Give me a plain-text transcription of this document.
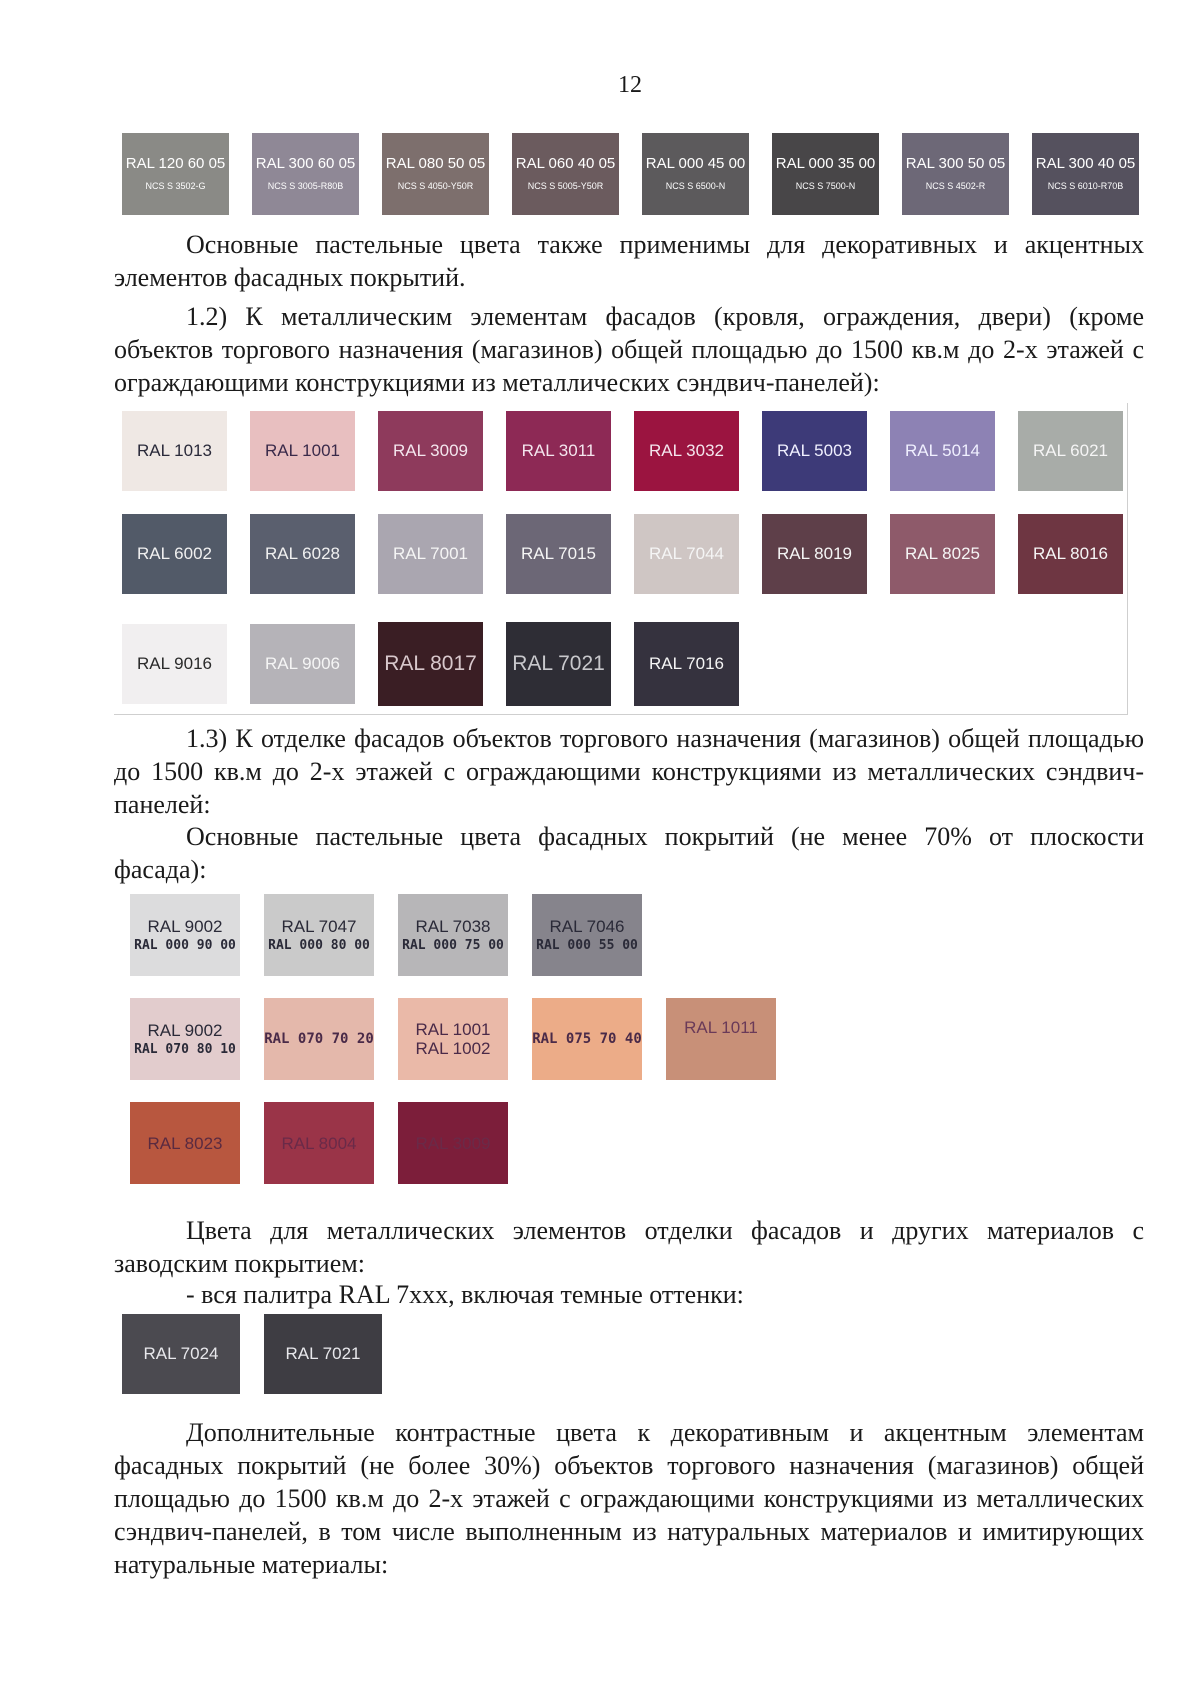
12
RAL 120 60 05
NCS S 3502-G
RAL 300 60 05
NCS S 3005-R80B
RAL 080 50 05
NCS S 4050-Y50R
RAL 060 40 05
NCS S 5005-Y50R
RAL 000 45 00
NCS S 6500-N
RAL 000 35 00
NCS S 7500-N
RAL 300 50 05
NCS S 4502-R
RAL 300 40 05
NCS S 6010-R70B
Основные пастельные цвета также применимы для декоративных и акцентных элементов фасадных покрытий.
1.2) К металлическим элементам фасадов (кровля, ограждения, двери) (кроме объектов торгового назначения (магазинов) общей площадью до 1500 кв.м до 2-х этажей с ограждающими конструкциями из металлических сэндвич-панелей):
RAL 1013	RAL 1001	RAL 3009	RAL 3011	RAL 3032	RAL 5003	RAL 5014	RAL 6021
RAL 6002	RAL 6028	RAL 7001	RAL 7015	RAL 7044	RAL 8019	RAL 8025	RAL 8016
RAL 9016	RAL 9006 RAL 8017 RAL 7021	RAL 7016
1.3) К отделке фасадов объектов торгового назначения (магазинов) общей площадью до 1500 кв.м до 2-х этажей с ограждающими конструкциями из металлических сэндвич-панелей:
Основные пастельные цвета фасадных покрытий (не менее 70% от плоскости фасада):
RAL 9002
RAL 000 90 00
RAL 7047
RAL 000 80 00
RAL 7038
RAL 000 75 00
RAL 7046
RAL 000 55 00
RAL 9002
RAL 070 80 10
RAL 070 70 20 RAL 1001
RAL 1002	RAL 075 70 40
RAL 1011
RAL 8023	RAL 8004	RAL 3009
Цвета для металлических элементов отделки фасадов и других материалов с заводским покрытием:
- вся палитра RAL 7ххх, включая темные оттенки:
RAL 7024	RAL 7021
Дополнительные контрастные цвета к декоративным и акцентным элементам фасадных покрытий (не более 30%) объектов торгового назначения (магазинов) общей площадью до 1500 кв.м до 2-х этажей с ограждающими конструкциями из металлических сэндвич-панелей, в том числе выполненным из натуральных материалов и имитирующих натуральные материалы:
